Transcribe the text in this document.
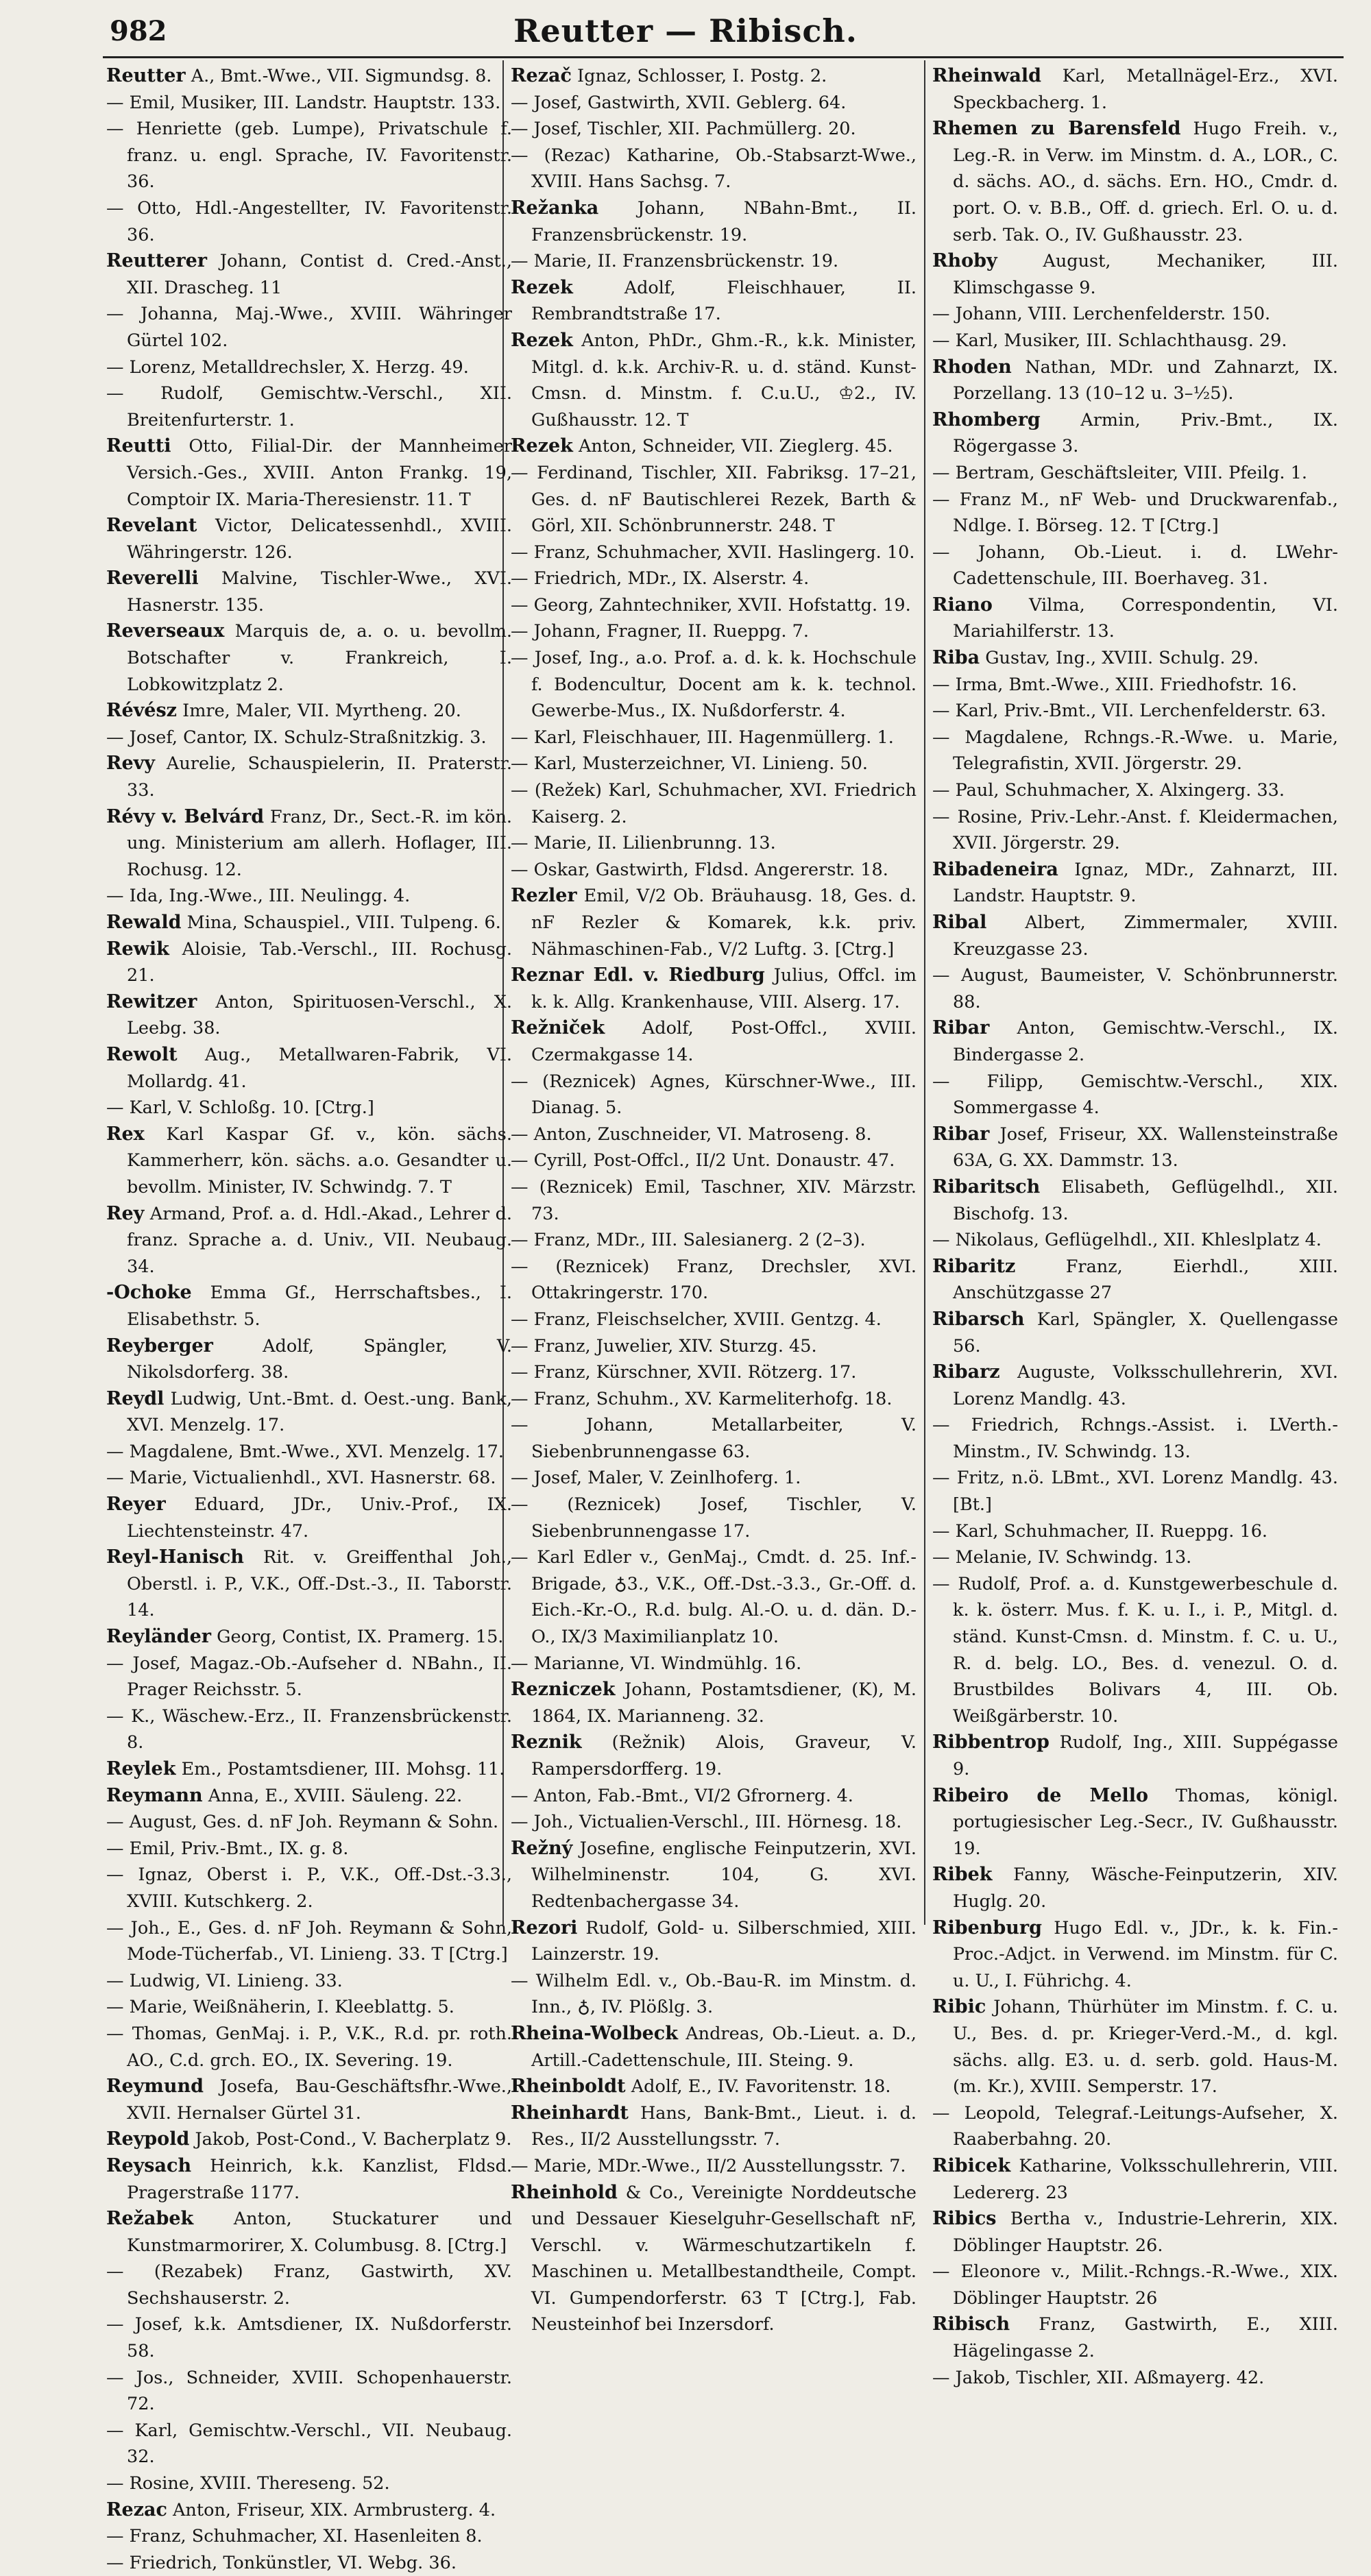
982	Reutter — Ribisch.

Reutter A., Bmt.-Wwe., VII. Sigmundsg. 8.

— Emil, Musiker, III. Landstr. Hauptstr. 133.

— Henriette (geb. Lumpe), Privatschule f. franz. u. engl. Sprache, IV. Favoritenstr. 36.

— Otto, Hdl.-Angestellter, IV. Favoritenstr. 36.

Reutterer Johann, Contist d. Cred.-Anst., XII. Drascheg. 11

— Johanna, Maj.-Wwe., XVIII. Währinger Gürtel 102.

— Lorenz, Metalldrechsler, X. Herzg. 49.

— Rudolf, Gemischtw.-Verschl., XII. Breitenfurterstr. 1.

Reutti Otto, Filial-Dir. der Mannheimer Versich.-Ges., XVIII. Anton Frankg. 19, Comptoir IX. Maria-Theresienstr. 11. T

Revelant Victor, Delicatessenhdl., XVIII. Währingerstr. 126.

Reverelli Malvine, Tischler-Wwe., XVI. Hasnerstr. 135.

Reverseaux Marquis de, a. o. u. bevollm. Botschafter v. Frankreich, I. Lobkowitzplatz 2.

Révész Imre, Maler, VII. Myrtheng. 20.

— Josef, Cantor, IX. Schulz-Straßnitzkig. 3.

Revy Aurelie, Schauspielerin, II. Praterstr. 33.

Révy v. Belvárd Franz, Dr., Sect.-R. im kön. ung. Ministerium am allerh. Hoflager, III. Rochusg. 12.

— Ida, Ing.-Wwe., III. Neulingg. 4.

Rewald Mina, Schauspiel., VIII. Tulpeng. 6.

Rewik Aloisie, Tab.-Verschl., III. Rochusg. 21.

Rewitzer Anton, Spirituosen-Verschl., X. Leebg. 38.

Rewolt Aug., Metallwaren-Fabrik, VI. Mollardg. 41.

— Karl, V. Schloßg. 10. [Ctrg.]

Rex Karl Kaspar Gf. v., kön. sächs. Kammerherr, kön. sächs. a.o. Gesandter u. bevollm. Minister, IV. Schwindg. 7. T

Rey Armand, Prof. a. d. Hdl.-Akad., Lehrer d. franz. Sprache a. d. Univ., VII. Neubaug. 34.

-Ochoke Emma Gf., Herrschaftsbes., I. Elisabethstr. 5.

Reyberger	Adolf, Spängler, V. Nikolsdorferg. 38.

Reydl Ludwig, Unt.-Bmt. d. Oest.-ung. Bank, XVI. Menzelg. 17.

— Magdalene, Bmt.-Wwe., XVI. Menzelg. 17.

— Marie, Victualienhdl., XVI. Hasnerstr. 68.

Reyer Eduard, JDr., Univ.-Prof., IX. Liechtensteinstr. 47.

Reyl-Hanisch Rit. v. Greiffenthal Joh., Oberstl. i. P., V.K., Off.-Dst.-3., II. Taborstr. 14.

Reyländer Georg, Contist, IX. Pramerg. 15.

— Josef, Magaz.-Ob.-Aufseher d. NBahn., II. Prager Reichsstr. 5.

— K., Wäschew.-Erz., II. Franzensbrückenstr. 8.

Reylek Em., Postamtsdiener, III. Mohsg. 11.

Reymann Anna, E., XVIII. Säuleng. 22.

— August, Ges. d. nF Joh. Reymann & Sohn.

— Emil, Priv.-Bmt., IX. g. 8.

— Ignaz, Oberst i. P., V.K., Off.-Dst.-3.3., XVIII. Kutschkerg. 2.

— Joh., E., Ges. d. nF Joh. Reymann & Sohn, Mode-Tücherfab., VI. Linieng. 33. T [Ctrg.]

— Ludwig, VI. Linieng. 33.

— Marie, Weißnäherin, I. Kleeblattg. 5.

— Thomas, GenMaj. i. P., V.K., R.d. pr. roth. AO., C.d. grch. EO., IX. Severing. 19.

Reymund Josefa, Bau-Geschäftsfhr.-Wwe., XVII. Hernalser Gürtel 31.

Reypold Jakob, Post-Cond., V. Bacherplatz 9.

Reysach Heinrich, k.k. Kanzlist, Fldsd. Pragerstraße 1177.

Režabek Anton, Stuckaturer und Kunstmarmorirer, X. Columbusg. 8. [Ctrg.]

— (Rezabek) Franz, Gastwirth, XV. Sechshauserstr. 2.

— Josef, k.k. Amtsdiener, IX. Nußdorferstr. 58.

— Jos., Schneider, XVIII. Schopenhauerstr. 72.

— Karl, Gemischtw.-Verschl., VII. Neubaug. 32.

— Rosine, XVIII. Thereseng. 52.

Rezac Anton, Friseur, XIX. Armbrusterg. 4.

— Franz, Schuhmacher, XI. Hasenleiten 8.

— Friedrich, Tonkünstler, VI. Webg. 36.

Rezač Ignaz, Schlosser, I. Postg. 2.

— Josef, Gastwirth, XVII. Geblerg. 64.

— Josef, Tischler, XII. Pachmüllerg. 20.

— (Rezac) Katharine, Ob.-Stabsarzt-Wwe., XVIII. Hans Sachsg. 7.

Režanka Johann, NBahn-Bmt., II. Franzensbrückenstr. 19.

— Marie, II. Franzensbrückenstr. 19.

Rezek	Adolf, Fleischhauer, II. Rembrandtstraße 17.

Rezek Anton, PhDr., Ghm.-R., k.k. Minister, Mitgl. d. k.k. Archiv-R. u. d. ständ. Kunst-Cmsn. d. Minstm. f. C.u.U., ♔2., IV. Gußhausstr. 12. T

Rezek Anton, Schneider, VII. Zieglerg. 45.

— Ferdinand, Tischler, XII. Fabriksg. 17–21, Ges. d. nF Bautischlerei Rezek, Barth & Görl, XII. Schönbrunnerstr. 248. T

— Franz, Schuhmacher, XVII. Haslingerg. 10.

— Friedrich, MDr., IX. Alserstr. 4.

— Georg, Zahntechniker, XVII. Hofstattg. 19.

— Johann, Fragner, II. Rueppg. 7.

— Josef, Ing., a.o. Prof. a. d. k. k. Hochschule f. Bodencultur, Docent am k. k. technol. Gewerbe-Mus., IX. Nußdorferstr. 4.

— Karl, Fleischhauer, III. Hagenmüllerg. 1.

— Karl, Musterzeichner, VI. Linieng. 50.

— (Režek) Karl, Schuhmacher, XVI. Friedrich Kaiserg. 2.

— Marie, II. Lilienbrunng. 13.

— Oskar, Gastwirth, Fldsd. Angererstr. 18.

Rezler Emil, V/2 Ob. Bräuhausg. 18, Ges. d. nF Rezler & Komarek, k.k. priv. Nähmaschinen-Fab., V/2 Luftg. 3. [Ctrg.]

Reznar Edl. v. Riedburg Julius, Offcl. im k. k. Allg. Krankenhause, VIII. Alserg. 17.

Režniček Adolf, Post-Offcl., XVIII. Czermakgasse 14.

— (Reznicek) Agnes, Kürschner-Wwe., III. Dianag. 5.

— Anton, Zuschneider, VI. Matroseng. 8.

— Cyrill, Post-Offcl., II/2 Unt. Donaustr. 47.

— (Reznicek) Emil, Taschner, XIV. Märzstr. 73.

— Franz, MDr., III. Salesianerg. 2 (2–3).

— (Reznicek) Franz, Drechsler, XVI. Ottakringerstr. 170.

— Franz, Fleischselcher, XVIII. Gentzg. 4.

— Franz, Juwelier, XIV. Sturzg. 45.

— Franz, Kürschner, XVII. Rötzerg. 17.

— Franz, Schuhm., XV. Karmeliterhofg. 18.

—	Johann, Metallarbeiter, V. Siebenbrunnengasse 63.

— Josef, Maler, V. Zeinlhoferg. 1.

— (Reznicek) Josef, Tischler, V. Siebenbrunnengasse 17.

— Karl Edler v., GenMaj., Cmdt. d. 25. Inf.-Brigade, ♁3., V.K., Off.-Dst.-3.3., Gr.-Off. d. Eich.-Kr.-O., R.d. bulg. Al.-O. u. d. dän. D.-O., IX/3 Maximilianplatz 10.

— Marianne, VI. Windmühlg. 16.

Rezniczek Johann, Postamtsdiener, (K), M. 1864, IX. Marianneng. 32.

Reznik (Režnik) Alois, Graveur, V. Rampersdorfferg. 19.

— Anton, Fab.-Bmt., VI/2 Gfrornerg. 4.

— Joh., Victualien-Verschl., III. Hörnesg. 18.

Režný Josefine, englische Feinputzerin, XVI. Wilhelminenstr. 104, G. XVI. Redtenbachergasse 34.

Rezori Rudolf, Gold- u. Silberschmied, XIII. Lainzerstr. 19.

— Wilhelm Edl. v., Ob.-Bau-R. im Minstm. d. Inn., ♁, IV. Plößlg. 3.

Rheina-Wolbeck Andreas, Ob.-Lieut. a. D., Artill.-Cadettenschule, III. Steing. 9.

Rheinboldt Adolf, E., IV. Favoritenstr. 18.

Rheinhardt Hans, Bank-Bmt., Lieut. i. d. Res., II/2 Ausstellungsstr. 7.

— Marie, MDr.-Wwe., II/2 Ausstellungsstr. 7.

Rheinhold & Co., Vereinigte Norddeutsche und Dessauer Kieselguhr-Gesellschaft nF, Verschl. v. Wärmeschutzartikeln f. Maschinen u. Metallbestandtheile, Compt. VI. Gumpendorferstr. 63 T [Ctrg.], Fab. Neusteinhof bei Inzersdorf.

Rheinwald Karl, Metallnägel-Erz., XVI. Speckbacherg. 1.

Rhemen zu Barensfeld Hugo Freih. v., Leg.-R. in Verw. im Minstm. d. A., LOR., C. d. sächs. AO., d. sächs. Ern. HO., Cmdr. d. port. O. v. B.B., Off. d. griech. Erl. O. u. d. serb. Tak. O., IV. Gußhausstr. 23.

Rhoby	August, Mechaniker, III. Klimschgasse 9.

— Johann, VIII. Lerchenfelderstr. 150.

— Karl, Musiker, III. Schlachthausg. 29.

Rhoden Nathan, MDr. und Zahnarzt, IX. Porzellang. 13 (10–12 u. 3–½5).

Rhomberg Armin, Priv.-Bmt., IX. Rögergasse 3.

— Bertram, Geschäftsleiter, VIII. Pfeilg. 1.

— Franz M., nF Web- und Druckwarenfab., Ndlge. I. Börseg. 12. T [Ctrg.]

— Johann, Ob.-Lieut. i. d. LWehr-Cadettenschule, III. Boerhaveg. 31.

Riano Vilma, Correspondentin, VI. Mariahilferstr. 13.

Riba Gustav, Ing., XVIII. Schulg. 29.

— Irma, Bmt.-Wwe., XIII. Friedhofstr. 16.

— Karl, Priv.-Bmt., VII. Lerchenfelderstr. 63.

— Magdalene, Rchngs.-R.-Wwe. u. Marie, Telegrafistin, XVII. Jörgerstr. 29.

— Paul, Schuhmacher, X. Alxingerg. 33.

— Rosine, Priv.-Lehr.-Anst. f. Kleidermachen, XVII. Jörgerstr. 29.

Ribadeneira Ignaz, MDr., Zahnarzt, III. Landstr. Hauptstr. 9.

Ribal Albert, Zimmermaler, XVIII. Kreuzgasse 23.

— August, Baumeister, V. Schönbrunnerstr. 88.

Ribar Anton, Gemischtw.-Verschl., IX. Bindergasse 2.

— Filipp, Gemischtw.-Verschl., XIX. Sommergasse 4.

Ribar Josef, Friseur, XX. Wallensteinstraße 63A, G. XX. Dammstr. 13.

Ribaritsch Elisabeth, Geflügelhdl., XII. Bischofg. 13.

— Nikolaus, Geflügelhdl., XII. Khleslplatz 4.

Ribaritz	Franz, Eierhdl., XIII. Anschützgasse 27

Ribarsch Karl, Spängler, X. Quellengasse 56.

Ribarz Auguste, Volksschullehrerin, XVI. Lorenz Mandlg. 43.

— Friedrich, Rchngs.-Assist. i. LVerth.-Minstm., IV. Schwindg. 13.

— Fritz, n.ö. LBmt., XVI. Lorenz Mandlg. 43. [Bt.]

— Karl, Schuhmacher, II. Rueppg. 16.

— Melanie, IV. Schwindg. 13.

— Rudolf, Prof. a. d. Kunstgewerbeschule d. k. k. österr. Mus. f. K. u. I., i. P., Mitgl. d. ständ. Kunst-Cmsn. d. Minstm. f. C. u. U., R. d. belg. LO., Bes. d. venezul. O. d. Brustbildes Bolivars 4, III. Ob. Weißgärberstr. 10.

Ribbentrop Rudolf, Ing., XIII. Suppégasse 9.

Ribeiro de Mello Thomas, königl. portugiesischer Leg.-Secr., IV. Gußhausstr. 19.

Ribek Fanny, Wäsche-Feinputzerin, XIV. Huglg. 20.

Ribenburg Hugo Edl. v., JDr., k. k. Fin.-Proc.-Adjct. in Verwend. im Minstm. für C. u. U., I. Führichg. 4.

Ribic Johann, Thürhüter im Minstm. f. C. u. U., Bes. d. pr. Krieger-Verd.-M., d. kgl. sächs. allg. E3. u. d. serb. gold. Haus-M. (m. Kr.), XVIII. Semperstr. 17.

— Leopold, Telegraf.-Leitungs-Aufseher, X. Raaberbahng. 20.

Ribicek Katharine, Volksschullehrerin, VIII. Ledererg. 23

Ribics Bertha v., Industrie-Lehrerin, XIX. Döblinger Hauptstr. 26.

— Eleonore v., Milit.-Rchngs.-R.-Wwe., XIX. Döblinger Hauptstr. 26

Ribisch Franz, Gastwirth, E., XIII. Hägelingasse 2.

— Jakob, Tischler, XII. Aßmayerg. 42.
